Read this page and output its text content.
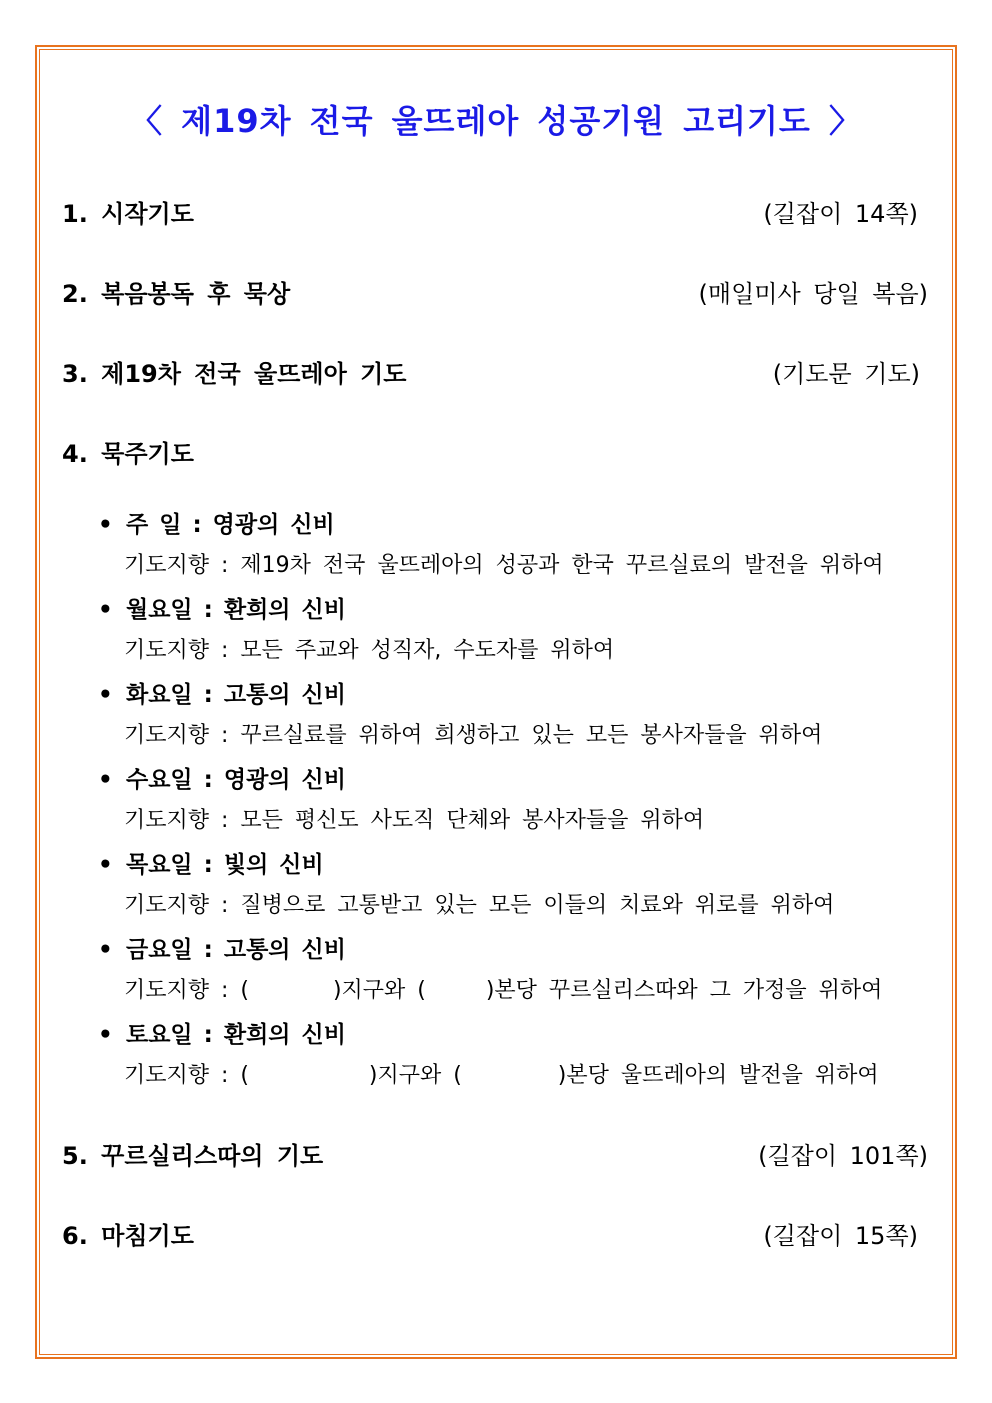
〈 제19차 전국 울뜨레아 성공기원 고리기도 〉
1. 시작기도	(길잡이 14쪽)
2. 복음봉독 후 묵상	(매일미사 당일 복음)
3. 제19차 전국 울뜨레아 기도	(기도문 기도)
4. 묵주기도
• 주 일 : 영광의 신비
기도지향 : 제19차 전국 울뜨레아의 성공과 한국 꾸르실료의 발전을 위하여
• 월요일 : 환희의 신비
기도지향 : 모든 주교와 성직자, 수도자를 위하여
• 화요일 : 고통의 신비
기도지향 : 꾸르실료를 위하여 희생하고 있는 모든 봉사자들을 위하여
• 수요일 : 영광의 신비
기도지향 : 모든 평신도 사도직 단체와 봉사자들을 위하여
• 목요일 : 빛의 신비
기도지향 : 질병으로 고통받고 있는 모든 이들의 치료와 위로를 위하여
• 금요일 : 고통의 신비
기도지향 : (       )지구와 (     )본당 꾸르실리스따와 그 가정을 위하여
• 토요일 : 환희의 신비
기도지향 : (          )지구와 (        )본당 울뜨레아의 발전을 위하여
5. 꾸르실리스따의 기도	(길잡이 101쪽)
6. 마침기도	(길잡이 15쪽)
